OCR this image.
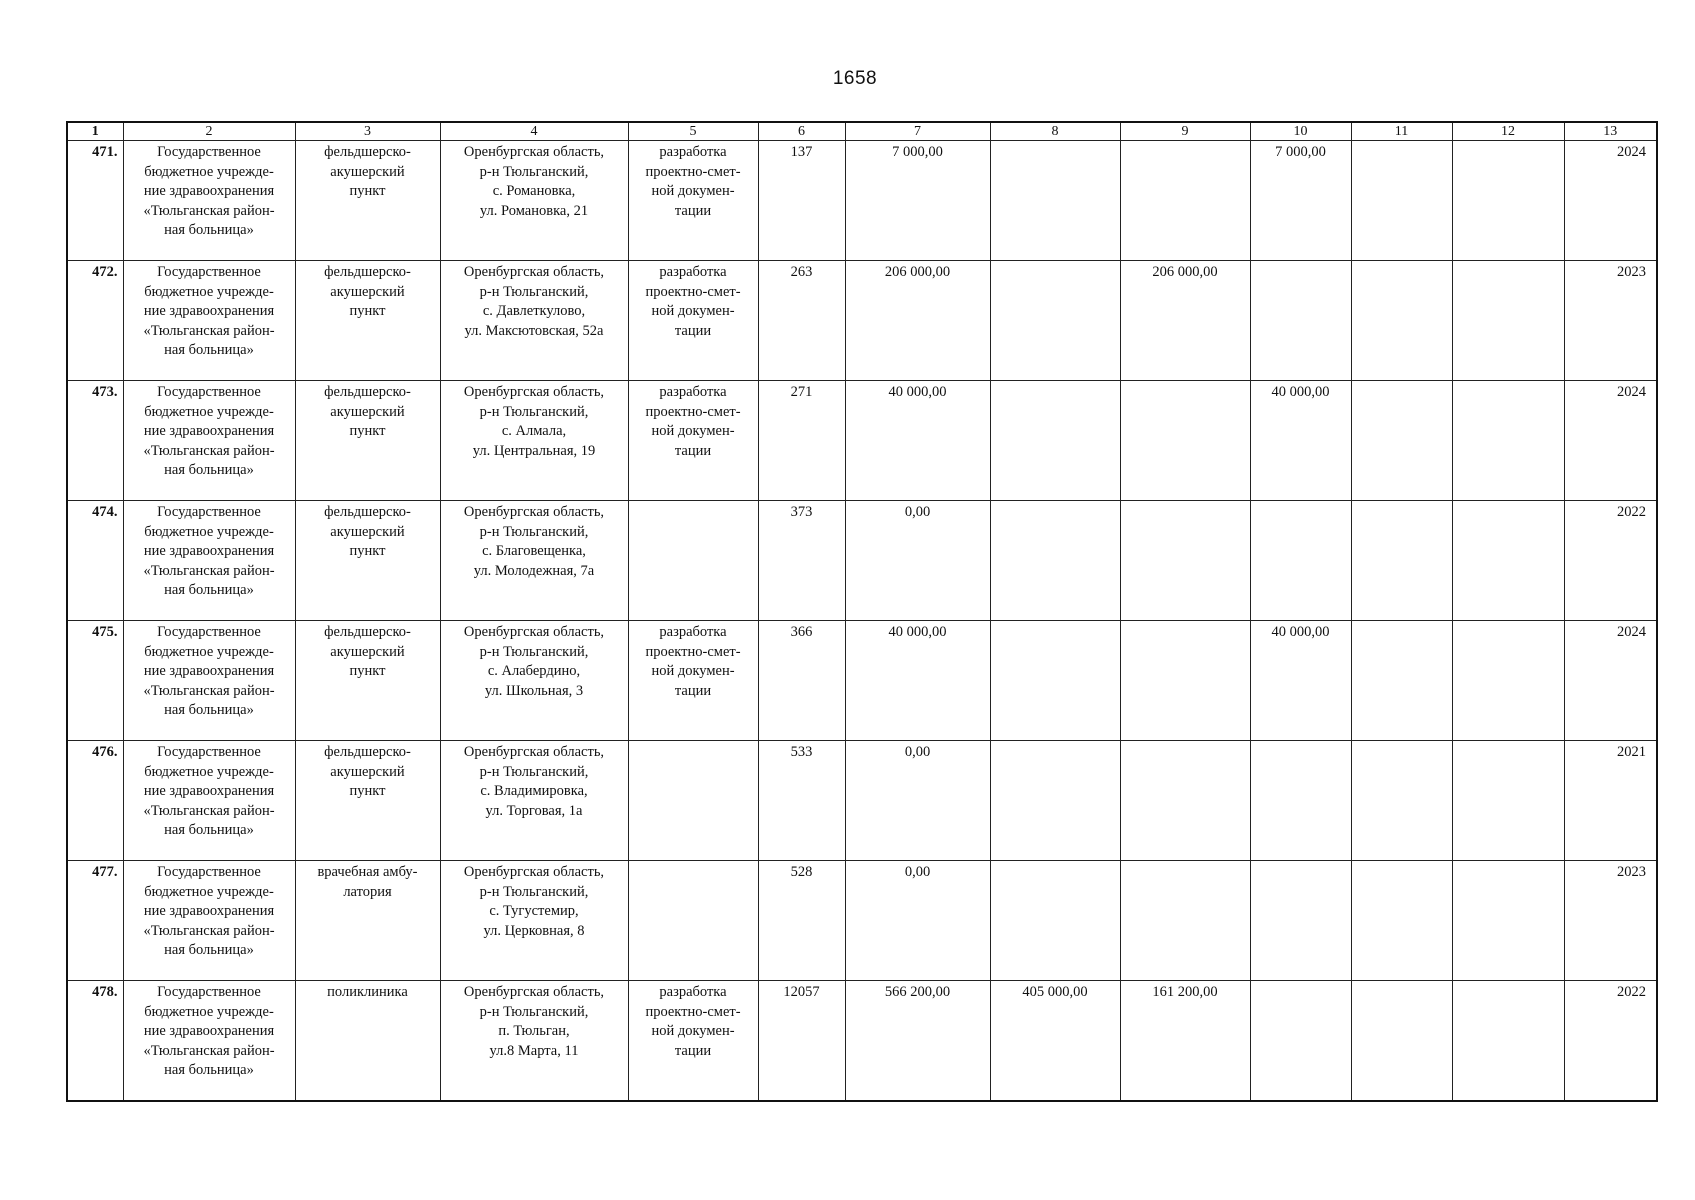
1658
1	2	3	4	5	6	7	8	9	10	11	12	13
471.	Государственное
бюджетное учрежде-
ние здравоохранения
«Тюльганская район-
ная больница»	фельдшерско-
акушерский
пункт	Оренбургская область,
р-н Тюльганский,
с. Романовка,
ул. Романовка, 21	разработка
проектно-смет-
ной докумен-
тации	137	7 000,00			7 000,00			2024
472.	Государственное
бюджетное учрежде-
ние здравоохранения
«Тюльганская район-
ная больница»	фельдшерско-
акушерский
пункт	Оренбургская область,
р-н Тюльганский,
с. Давлеткулово,
ул. Максютовская, 52а	разработка
проектно-смет-
ной докумен-
тации	263	206 000,00		206 000,00				2023
473.	Государственное
бюджетное учрежде-
ние здравоохранения
«Тюльганская район-
ная больница»	фельдшерско-
акушерский
пункт	Оренбургская область,
р-н Тюльганский,
с. Алмала,
ул. Центральная, 19	разработка
проектно-смет-
ной докумен-
тации	271	40 000,00			40 000,00			2024
474.	Государственное
бюджетное учрежде-
ние здравоохранения
«Тюльганская район-
ная больница»	фельдшерско-
акушерский
пункт	Оренбургская область,
р-н Тюльганский,
с. Благовещенка,
ул. Молодежная, 7а		373	0,00						2022
475.	Государственное
бюджетное учрежде-
ние здравоохранения
«Тюльганская район-
ная больница»	фельдшерско-
акушерский
пункт	Оренбургская область,
р-н Тюльганский,
с. Алабердино,
ул. Школьная, 3	разработка
проектно-смет-
ной докумен-
тации	366	40 000,00			40 000,00			2024
476.	Государственное
бюджетное учрежде-
ние здравоохранения
«Тюльганская район-
ная больница»	фельдшерско-
акушерский
пункт	Оренбургская область,
р-н Тюльганский,
с. Владимировка,
ул. Торговая, 1а		533	0,00						2021
477.	Государственное
бюджетное учрежде-
ние здравоохранения
«Тюльганская район-
ная больница»	врачебная амбу-
латория	Оренбургская область,
р-н Тюльганский,
с. Тугустемир,
ул. Церковная, 8		528	0,00						2023
478.	Государственное
бюджетное учрежде-
ние здравоохранения
«Тюльганская район-
ная больница»	поликлиника	Оренбургская область,
р-н Тюльганский,
п. Тюльган,
ул.8 Марта, 11	разработка
проектно-смет-
ной докумен-
тации	12057	566 200,00	405 000,00	161 200,00				2022
